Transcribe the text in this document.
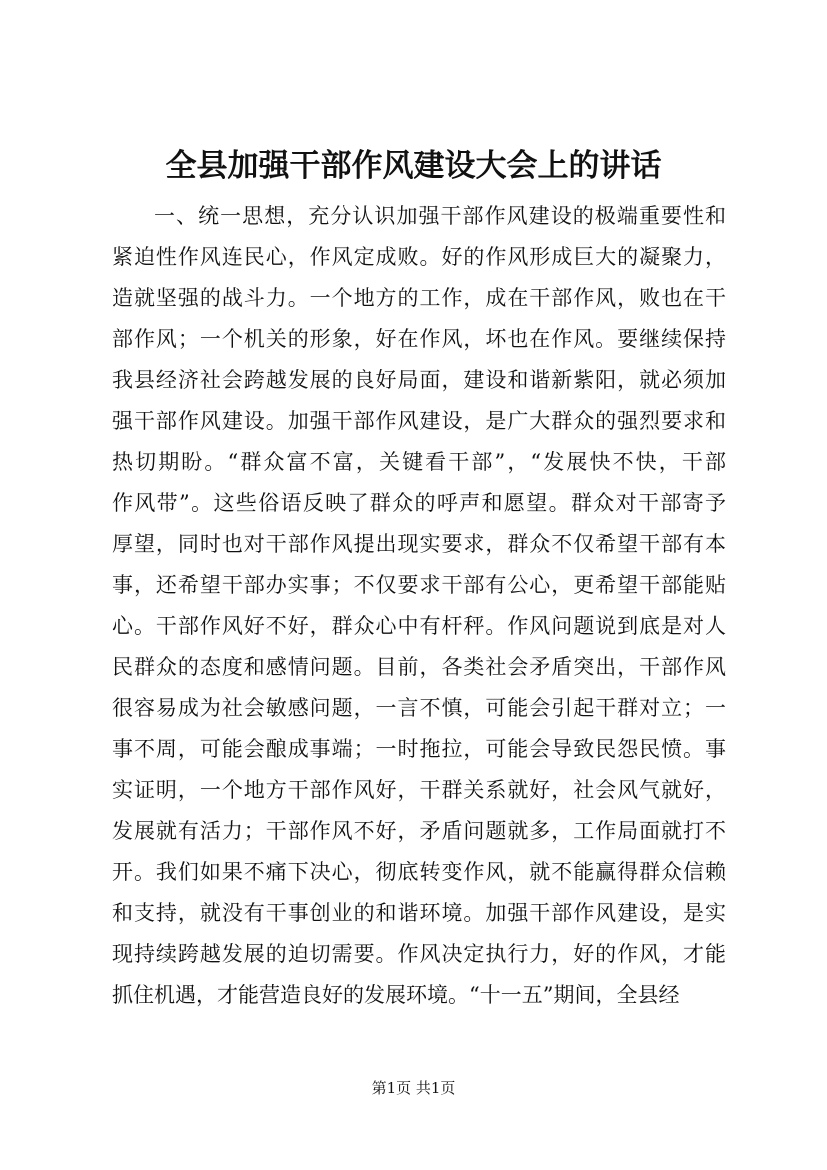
全县加强干部作风建设大会上的讲话
一、统一思想，充分认识加强干部作风建设的极端重要性和
紧迫性作风连民心，作风定成败。好的作风形成巨大的凝聚力，
造就坚强的战斗力。一个地方的工作，成在干部作风，败也在干
部作风；一个机关的形象，好在作风，坏也在作风。要继续保持
我县经济社会跨越发展的良好局面，建设和谐新紫阳，就必须加
强干部作风建设。加强干部作风建设，是广大群众的强烈要求和
热切期盼。“群众富不富，关键看干部”，“发展快不快，干部
作风带”。这些俗语反映了群众的呼声和愿望。群众对干部寄予
厚望，同时也对干部作风提出现实要求，群众不仅希望干部有本
事，还希望干部办实事；不仅要求干部有公心，更希望干部能贴
心。干部作风好不好，群众心中有杆秤。作风问题说到底是对人
民群众的态度和感情问题。目前，各类社会矛盾突出，干部作风
很容易成为社会敏感问题，一言不慎，可能会引起干群对立；一
事不周，可能会酿成事端；一时拖拉，可能会导致民怨民愤。事
实证明，一个地方干部作风好，干群关系就好，社会风气就好，
发展就有活力；干部作风不好，矛盾问题就多，工作局面就打不
开。我们如果不痛下决心，彻底转变作风，就不能赢得群众信赖
和支持，就没有干事创业的和谐环境。加强干部作风建设，是实
现持续跨越发展的迫切需要。作风决定执行力，好的作风，才能
抓住机遇，才能营造良好的发展环境。“十一五”期间，全县经
第1页 共1页
